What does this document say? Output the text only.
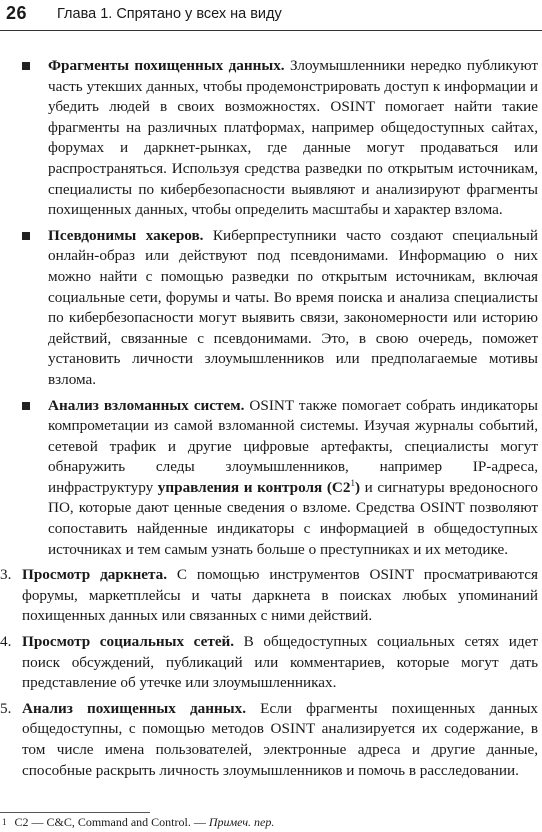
26 Глава 1. Спрятано у всех на виду
Фрагменты похищенных данных. Злоумышленники нередко публикуют часть утекших данных, чтобы продемонстрировать доступ к информации и убедить людей в своих возможностях. OSINT помогает найти такие фрагменты на различных платформах, например общедоступных сайтах, форумах и даркнет-рынках, где данные могут продаваться или распространяться. Используя средства разведки по открытым источникам, специалисты по кибербезопасности выявляют и анализируют фрагменты похищенных данных, чтобы определить масштабы и характер взлома.
Псевдонимы хакеров. Киберпреступники часто создают специальный онлайн-образ или действуют под псевдонимами. Информацию о них можно найти с помощью разведки по открытым источникам, включая социальные сети, форумы и чаты. Во время поиска и анализа специалисты по кибербезопасности могут выявить связи, закономерности или историю действий, связанные с псевдонимами. Это, в свою очередь, поможет установить личности злоумышленников или предполагаемые мотивы взлома.
Анализ взломанных систем. OSINT также помогает собрать индикаторы компрометации из самой взломанной системы. Изучая журналы событий, сетевой трафик и другие цифровые артефакты, специалисты могут обнаружить следы злоумышленников, например IP-адреса, инфраструктуру управления и контроля $(C2^1)$ и сигнатуры вредоносного ПО, которые дают ценные сведения о взломе. Средства OSINT позволяют сопоставить найденные индикаторы с информацией в общедоступных источниках и тем самым узнать больше о преступниках и их методике.
3. Просмотр даркнета. С помощью инструментов OSINT просматриваются форумы, маркетплейсы и чаты даркнета в поисках любых упоминаний похищенных данных или связанных с ними действий.
4. Просмотр социальных сетей. В общедоступных социальных сетях идет поиск обсуждений, публикаций или комментариев, которые могут дать представление об утечке или злоумышленниках.
5. Анализ похищенных данных. Если фрагменты похищенных данных общедоступны, с помощью методов OSINT анализируется их содержание, в том числе имена пользователей, электронные адреса и другие данные, способные раскрыть личность злоумышленников и помочь в расследовании.
$^1$ C2 — C&C, Command and Control. — Примеч. пер.
